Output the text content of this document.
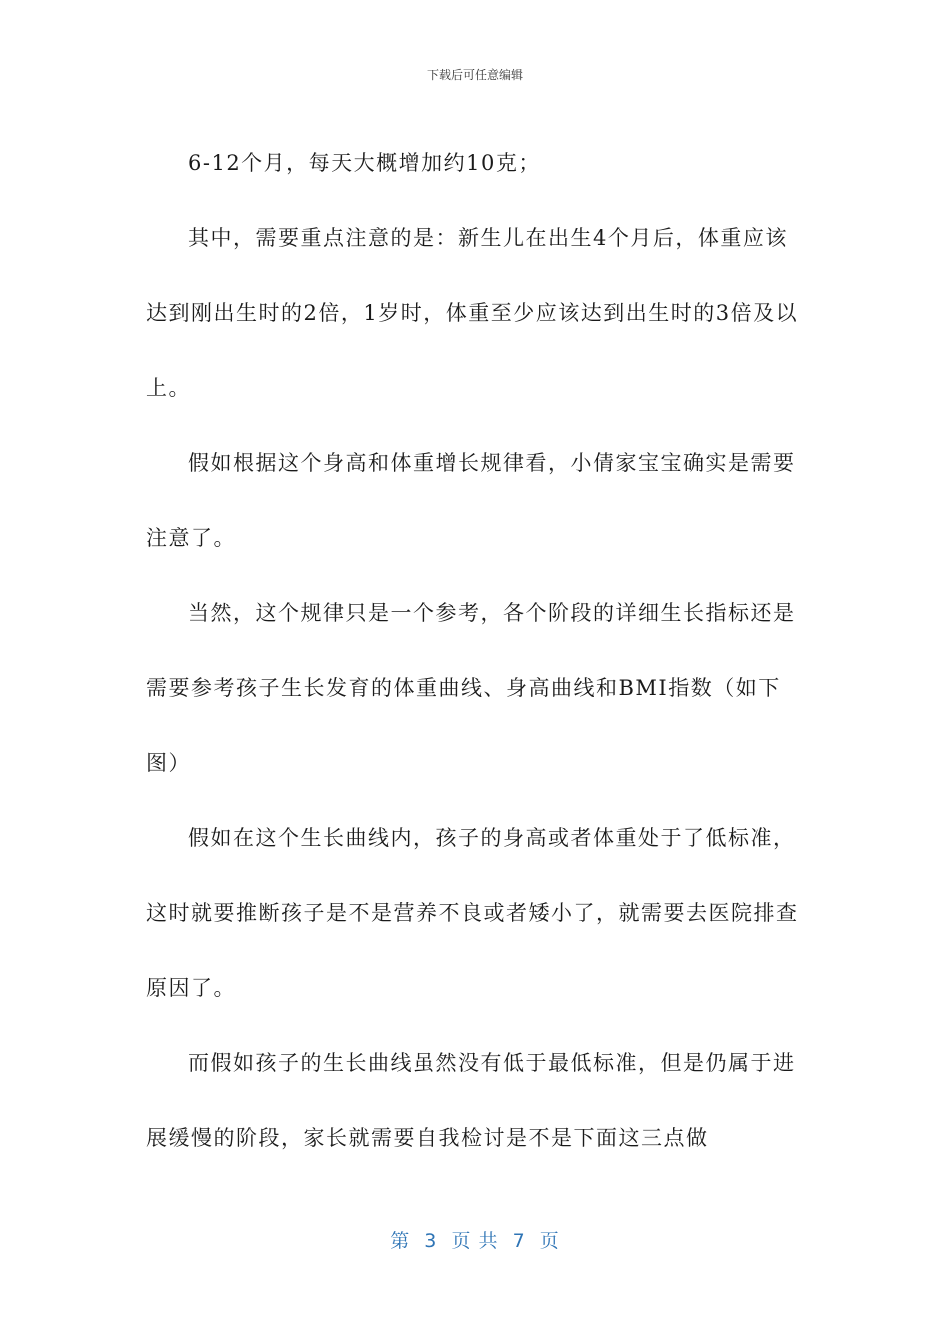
下载后可任意编辑

6-12个月，每天大概增加约10克；

其中，需要重点注意的是：新生儿在出生4个月后，体重应该达到刚出生时的2倍，1岁时，体重至少应该达到出生时的3倍及以上。

假如根据这个身高和体重增长规律看，小倩家宝宝确实是需要注意了。

当然，这个规律只是一个参考，各个阶段的详细生长指标还是需要参考孩子生长发育的体重曲线、身高曲线和BMI指数（如下图）

假如在这个生长曲线内，孩子的身高或者体重处于了低标准，这时就要推断孩子是不是营养不良或者矮小了，就需要去医院排查原因了。

而假如孩子的生长曲线虽然没有低于最低标准，但是仍属于进展缓慢的阶段，家长就需要自我检讨是不是下面这三点做

第  3  页 共  7  页
